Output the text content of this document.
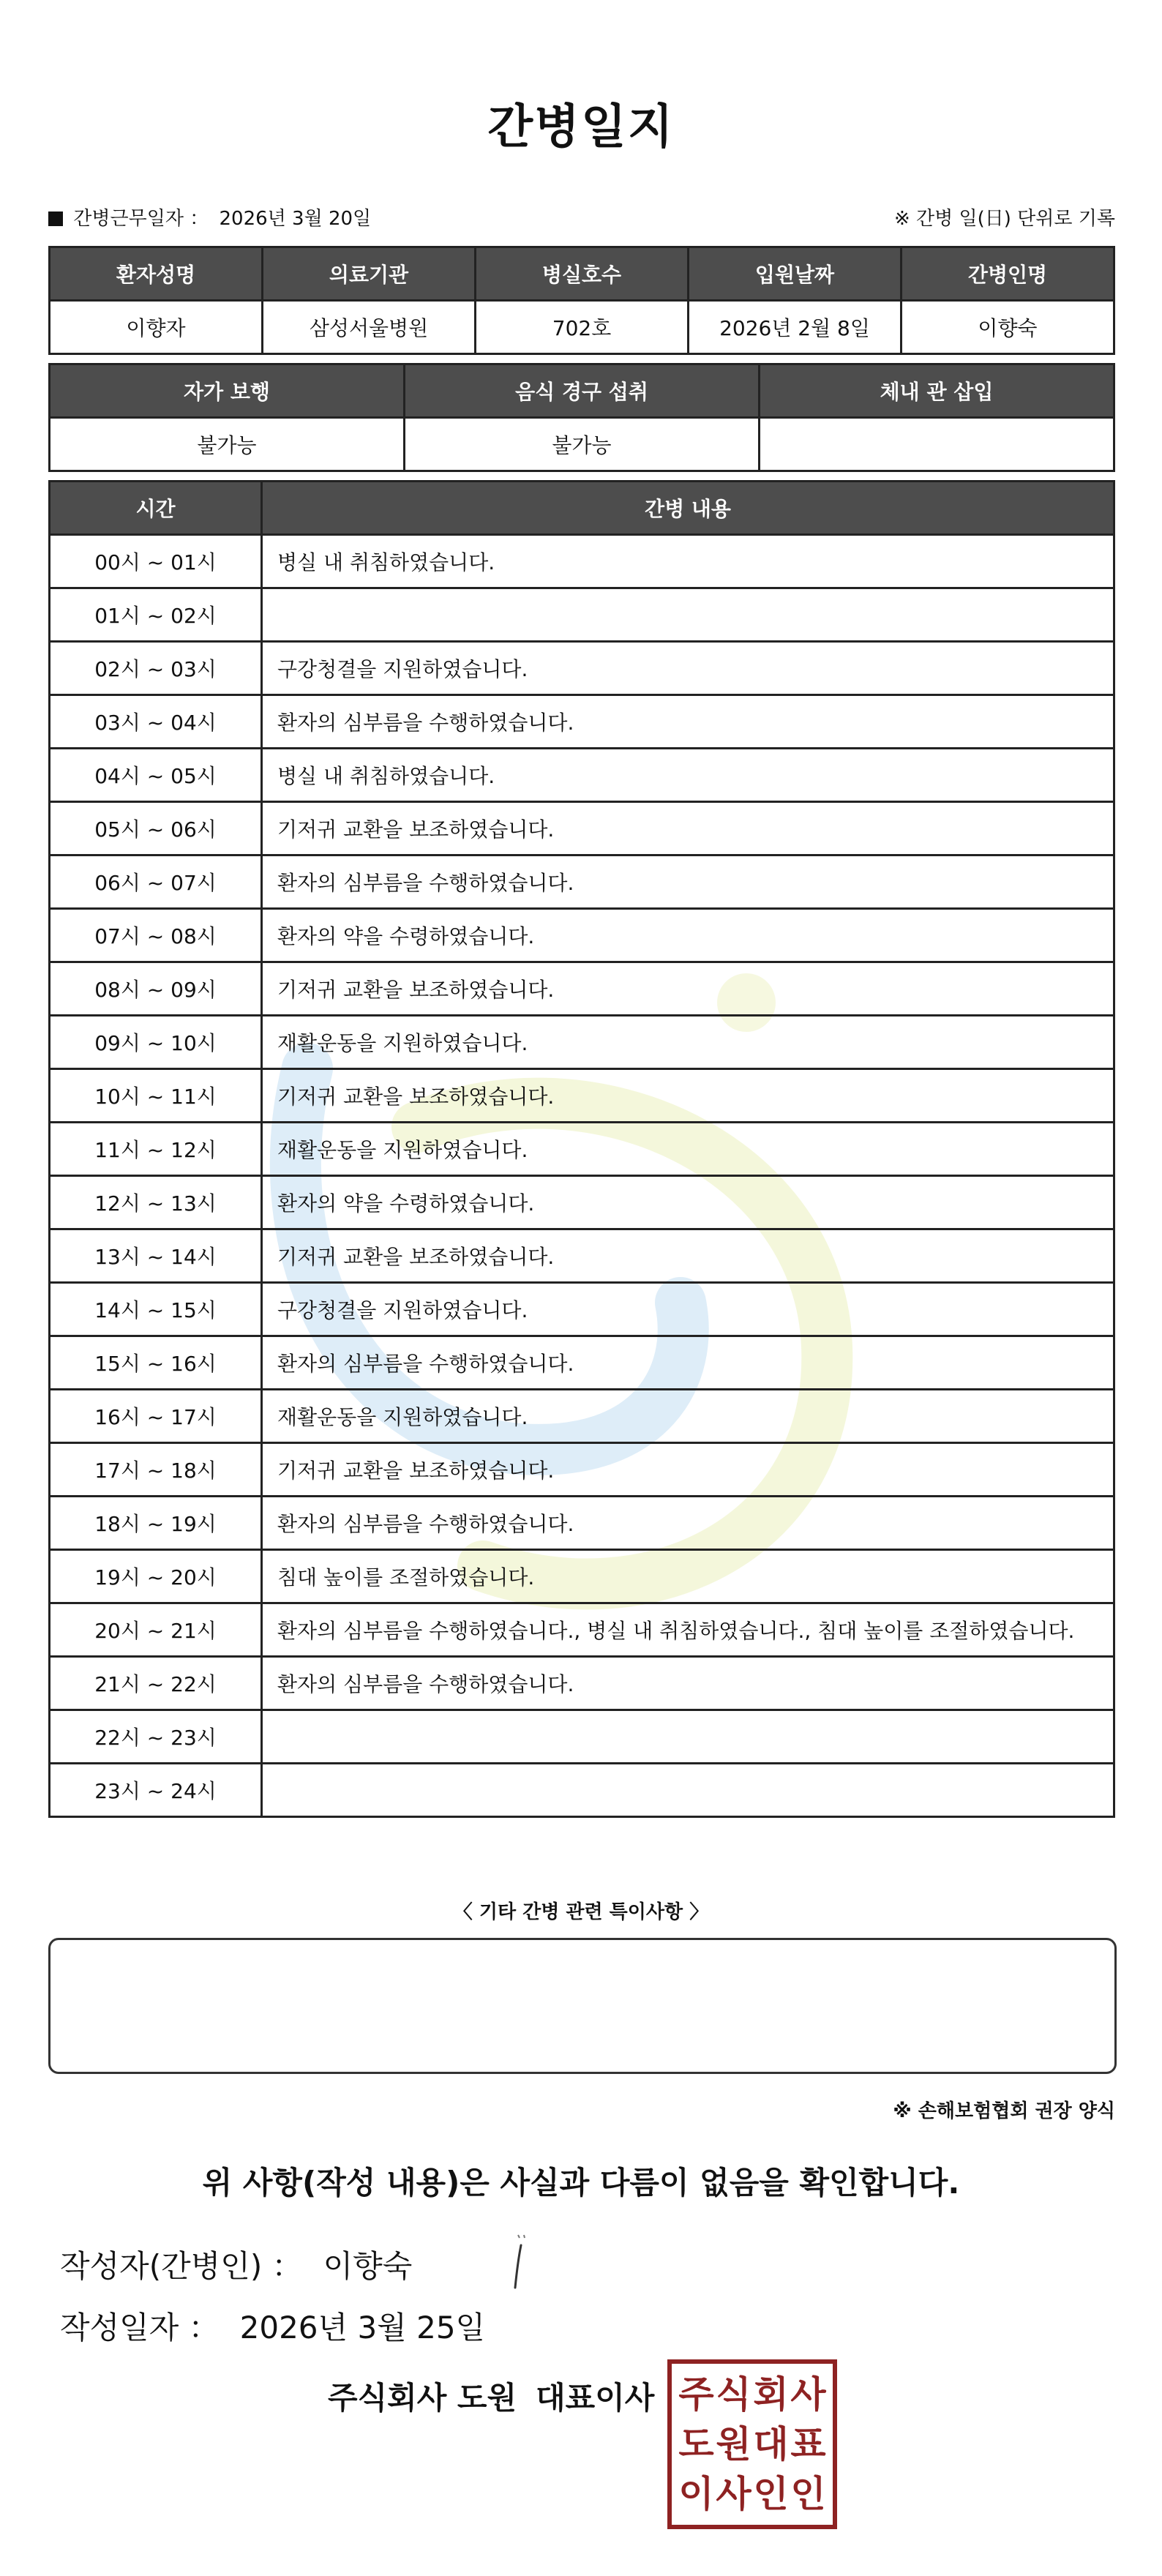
간병일지
간병근무일자 ： 2026년 3월 20일	※ 간병 일(日) 단위로 기록
환자성명	의료기관	병실호수	입원날짜	간병인명
이향자	삼성서울병원	702호	2026년 2월 8일	이향숙
자가 보행	음식 경구 섭취	체내 관 삽입
불가능	불가능	
시간	간병 내용
00시 ~ 01시	병실 내 취침하였습니다.
01시 ~ 02시	
02시 ~ 03시	구강청결을 지원하였습니다.
03시 ~ 04시	환자의 심부름을 수행하였습니다.
04시 ~ 05시	병실 내 취침하였습니다.
05시 ~ 06시	기저귀 교환을 보조하였습니다.
06시 ~ 07시	환자의 심부름을 수행하였습니다.
07시 ~ 08시	환자의 약을 수령하였습니다.
08시 ~ 09시	기저귀 교환을 보조하였습니다.
09시 ~ 10시	재활운동을 지원하였습니다.
10시 ~ 11시	기저귀 교환을 보조하였습니다.
11시 ~ 12시	재활운동을 지원하였습니다.
12시 ~ 13시	환자의 약을 수령하였습니다.
13시 ~ 14시	기저귀 교환을 보조하였습니다.
14시 ~ 15시	구강청결을 지원하였습니다.
15시 ~ 16시	환자의 심부름을 수행하였습니다.
16시 ~ 17시	재활운동을 지원하였습니다.
17시 ~ 18시	기저귀 교환을 보조하였습니다.
18시 ~ 19시	환자의 심부름을 수행하였습니다.
19시 ~ 20시	침대 높이를 조절하였습니다.
20시 ~ 21시	환자의 심부름을 수행하였습니다., 병실 내 취침하였습니다., 침대 높이를 조절하였습니다.
21시 ~ 22시	환자의 심부름을 수행하였습니다.
22시 ~ 23시	
23시 ~ 24시	
〈 기타 간병 관련 특이사항 〉
※ 손해보험협회 권장 양식
위 사항(작성 내용)은 사실과 다름이 없음을 확인합니다.
작성자(간병인) ： 이향숙
작성일자 ： 2026년 3월 25일
주식회사 도원 대표이사 주 식 회 사
도 원 대 표
이 사 인 인
